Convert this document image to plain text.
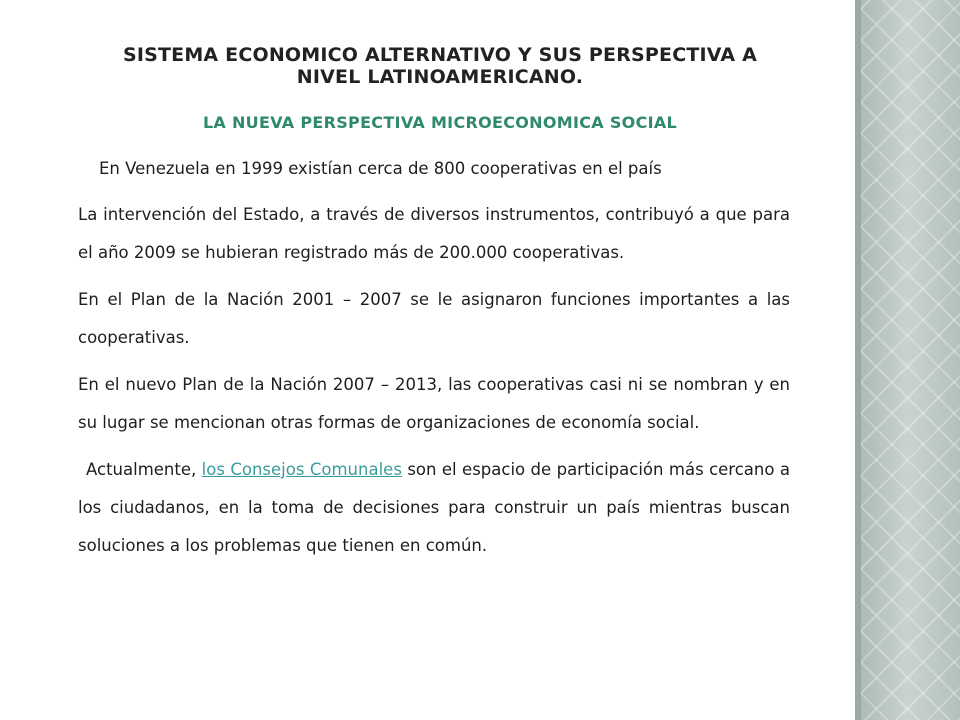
SISTEMA ECONOMICO ALTERNATIVO Y SUS PERSPECTIVA A NIVEL LATINOAMERICANO.
LA NUEVA PERSPECTIVA MICROECONOMICA SOCIAL

En Venezuela en 1999 existían cerca de 800 cooperativas en el país

La intervención del Estado, a través de diversos instrumentos, contribuyó a que para el año 2009 se hubieran registrado más de 200.000 cooperativas.

En el Plan de la Nación 2001 – 2007 se le asignaron funciones importantes a las cooperativas.

En el nuevo Plan de la Nación 2007 – 2013, las cooperativas casi ni se nombran y en su lugar se mencionan otras formas de organizaciones de economía social.

Actualmente, los Consejos Comunales son el espacio de participación más cercano a los ciudadanos, en la toma de decisiones para construir un país mientras buscan soluciones a los problemas que tienen en común.
